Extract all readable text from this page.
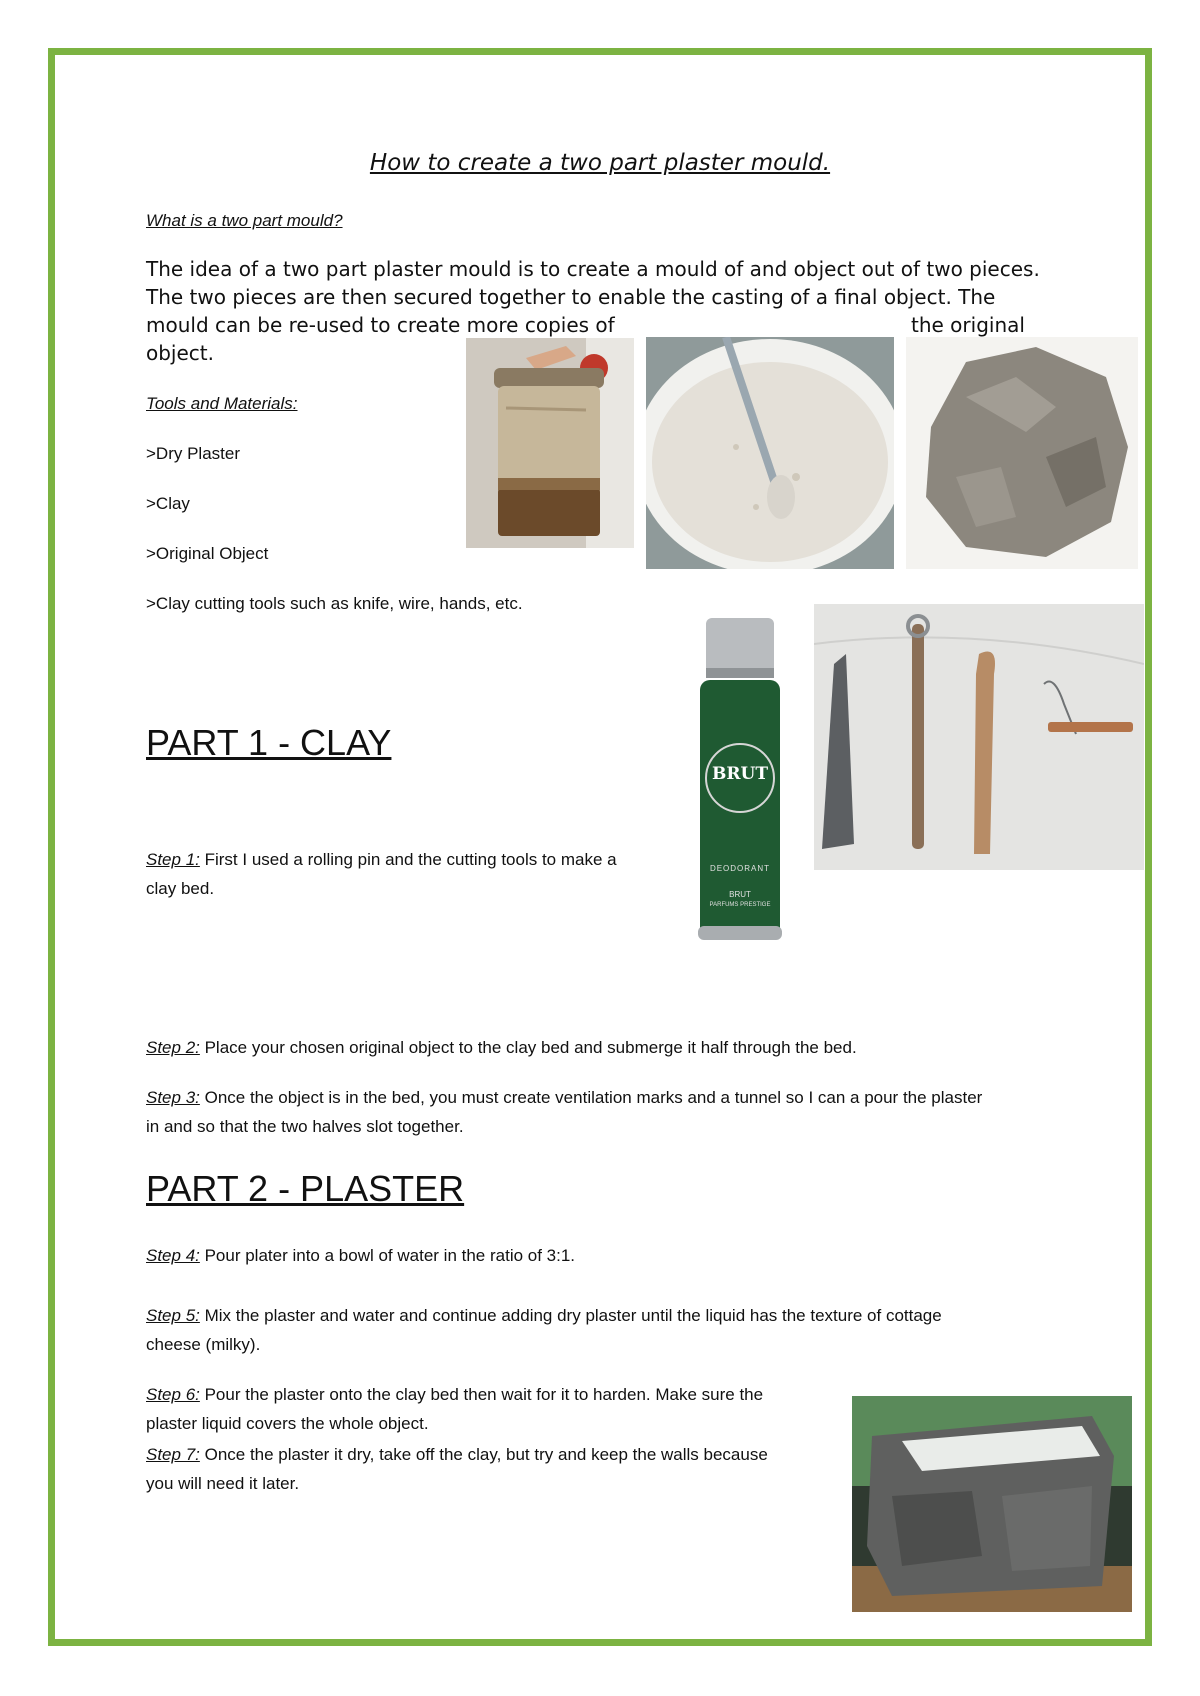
How to create a two part plaster mould.
What is a two part mould?
The idea of a two part plaster mould is to create a mould of and object out of two pieces.
The two pieces are then secured together to enable the casting of a final object. The
mould can be re-used to create more copies of	the original
object.
Tools and Materials:
>Dry Plaster
>Clay
>Original Object
>Clay cutting tools such as knife, wire, hands, etc.
BRUT
DEODORANT
BRUT
PARFUMS PRESTIGE
PART 1 - CLAY
Step 1: First I used a rolling pin and the cutting tools to make a
clay bed.
Step 2: Place your chosen original object to the clay bed and submerge it half through the bed.
Step 3: Once the object is in the bed, you must create ventilation marks and a tunnel so I can a pour the plaster
in and so that the two halves slot together.
PART 2 - PLASTER
Step 4: Pour plater into a bowl of water in the ratio of 3:1.
Step 5: Mix the plaster and water and continue adding dry plaster until the liquid has the texture of cottage
cheese (milky).
Step 6: Pour the plaster onto the clay bed then wait for it to harden. Make sure the
plaster liquid covers the whole object.
Step 7: Once the plaster it dry, take off the clay, but try and keep the walls because
you will need it later.
